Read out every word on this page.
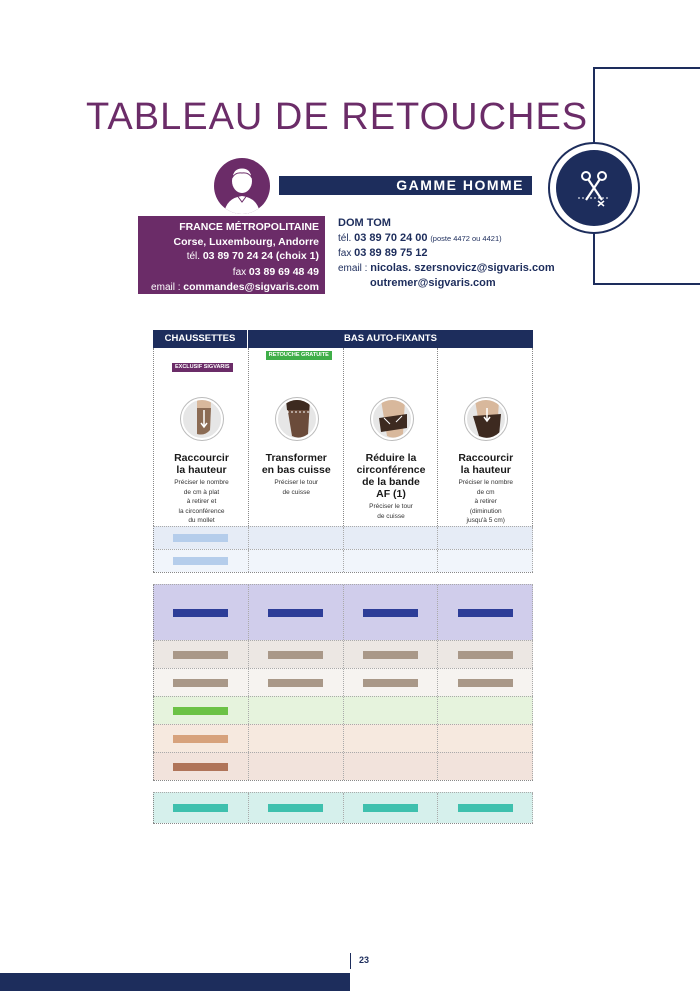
TABLEAU DE RETOUCHES
GAMME HOMME
FRANCE MÉTROPOLITAINE
Corse, Luxembourg, Andorre
tél. 03 89 70 24 24 (choix 1)
fax 03 89 69 48 49
email : commandes@sigvaris.com
DOM TOM
tél. 03 89 70 24 00 (poste 4472 ou 4421)
fax 03 89 89 75 12
email : nicolas. szersnovicz@sigvaris.com
outremer@sigvaris.com
CHAUSSETTES	BAS AUTO-FIXANTS
EXCLUSIF SIGVARIS
Raccourcir
la hauteur
Préciser le nombre
de cm à plat
à retirer et
la circonférence
du mollet
RETOUCHE GRATUITE
Transformer
en bas cuisse
Préciser le tour
de cuisse
Réduire la
circonférence
de la bande
AF (1)
Préciser le tour
de cuisse
Raccourcir
la hauteur
Préciser le nombre
de cm
à retirer
(diminution
jusqu'à 5 cm)
23
